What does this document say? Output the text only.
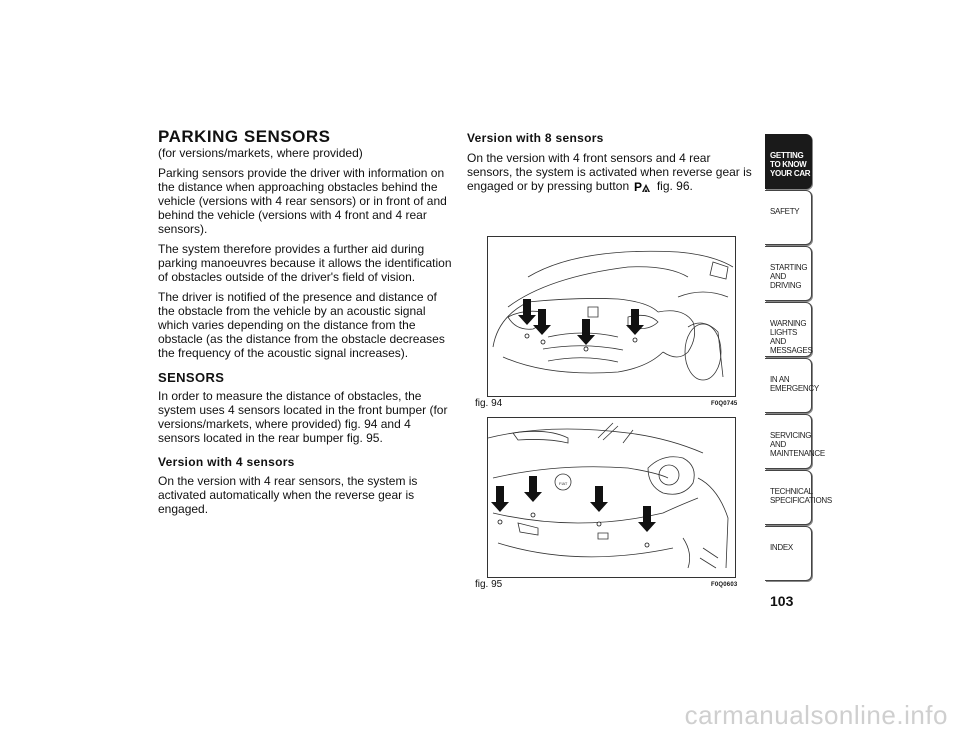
PARKING SENSORS

(for versions/markets, where provided)

Parking sensors provide the driver with information on the distance when approaching obstacles behind the vehicle (versions with 4 rear sensors) or in front of and behind the vehicle (versions with 4 front and 4 rear sensors).

The system therefore provides a further aid during parking manoeuvres because it allows the identification of obstacles outside of the driver's field of vision.

The driver is notified of the presence and distance of the obstacle from the vehicle by an acoustic signal which varies depending on the distance from the obstacle (as the distance from the obstacle decreases the frequency of the acoustic signal increases).

SENSORS

In order to measure the distance of obstacles, the system uses 4 sensors located in the front bumper (for versions/markets, where provided) fig. 94 and 4 sensors located in the rear bumper fig. 95.

Version with 4 sensors

On the version with 4 rear sensors, the system is activated automatically when the reverse gear is engaged.

Version with 8 sensors

On the version with 4 front sensors and 4 rear sensors, the system is activated when reverse gear is engaged or by pressing button P fig. 96.

fig. 94	F0Q0745
FIAT
fig. 95	F0Q0603
GETTING TO KNOW YOUR CAR
SAFETY
STARTING AND DRIVING
WARNING LIGHTS AND MESSAGES
IN AN EMERGENCY
SERVICING AND MAINTENANCE
TECHNICAL SPECIFICATIONS
INDEX
103
carmanualsonline.info
